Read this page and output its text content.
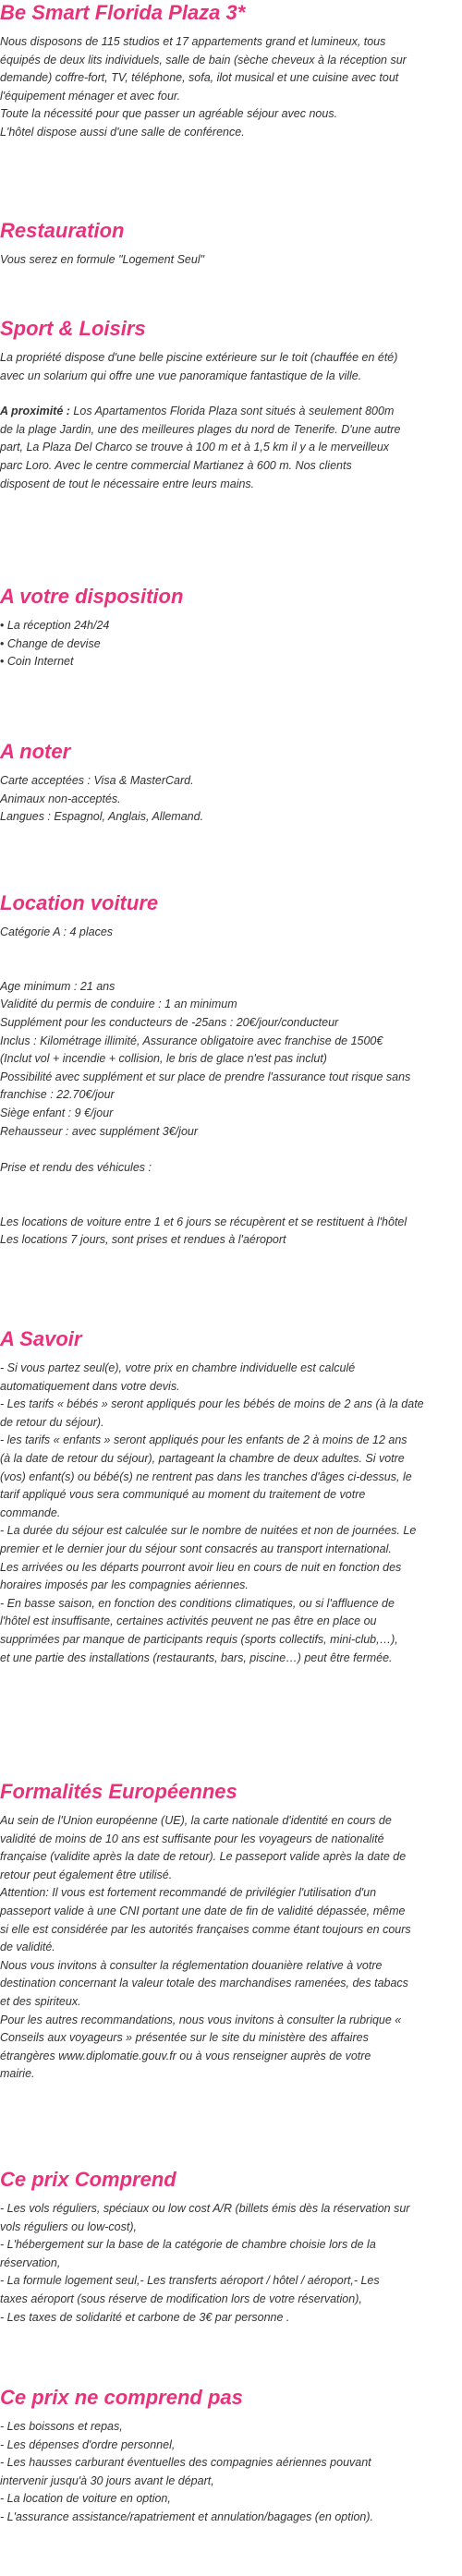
Be Smart Florida Plaza 3*
Nous disposons de 115 studios et 17 appartements grand et lumineux, tous
équipés de deux lits individuels, salle de bain (sèche cheveux à la réception sur
demande) coffre-fort, TV, téléphone, sofa, ilot musical et une cuisine avec tout
l'équipement ménager et avec four.
Toute la nécessité pour que passer un agréable séjour avec nous.
L'hôtel dispose aussi d'une salle de conférence.
Restauration
Vous serez en formule "Logement Seul"
Sport & Loisirs
La propriété dispose d'une belle piscine extérieure sur le toit (chauffée en été)
avec un solarium qui offre une vue panoramique fantastique de la ville.
A proximité : Los Apartamentos Florida Plaza sont situés à seulement 800m
de la plage Jardin, une des meilleures plages du nord de Tenerife. D'une autre
part, La Plaza Del Charco se trouve à 100 m et à 1,5 km il y a le merveilleux
parc Loro. Avec le centre commercial Martianez à 600 m. Nos clients
disposent de tout le nécessaire entre leurs mains.
A votre disposition
• La réception 24h/24
• Change de devise
• Coin Internet
A noter
Carte acceptées : Visa & MasterCard.
Animaux non-acceptés.
Langues : Espagnol, Anglais, Allemand.
Location voiture
Catégorie A : 4 places
Age minimum : 21 ans
Validité du permis de conduire : 1 an minimum
Supplément pour les conducteurs de -25ans : 20€/jour/conducteur
Inclus : Kilométrage illimité, Assurance obligatoire avec franchise de 1500€
(Inclut vol + incendie + collision, le bris de glace n'est pas inclut)
Possibilité avec supplément et sur place de prendre l'assurance tout risque sans
franchise : 22.70€/jour
Siège enfant : 9 €/jour
Rehausseur : avec supplément 3€/jour
Prise et rendu des véhicules :
Les locations de voiture entre 1 et 6 jours se récupèrent et se restituent à l'hôtel
Les locations 7 jours, sont prises et rendues à l'aéroport
A Savoir
- Si vous partez seul(e), votre prix en chambre individuelle est calculé
automatiquement dans votre devis.
- Les tarifs « bébés » seront appliqués pour les bébés de moins de 2 ans (à la date
de retour du séjour).
- les tarifs « enfants » seront appliqués pour les enfants de 2 à moins de 12 ans
(à la date de retour du séjour), partageant la chambre de deux adultes. Si votre
(vos) enfant(s) ou bébé(s) ne rentrent pas dans les tranches d'âges ci-dessus, le
tarif appliqué vous sera communiqué au moment du traitement de votre
commande.
- La durée du séjour est calculée sur le nombre de nuitées et non de journées. Le
premier et le dernier jour du séjour sont consacrés au transport international.
Les arrivées ou les départs pourront avoir lieu en cours de nuit en fonction des
horaires imposés par les compagnies aériennes.
- En basse saison, en fonction des conditions climatiques, ou si l'affluence de
l'hôtel est insuffisante, certaines activités peuvent ne pas être en place ou
supprimées par manque de participants requis (sports collectifs, mini-club,…),
et une partie des installations (restaurants, bars, piscine…) peut être fermée.
Formalités Européennes
Au sein de l'Union européenne (UE), la carte nationale d'identité en cours de
validité de moins de 10 ans est suffisante pour les voyageurs de nationalité
française (validite après la date de retour). Le passeport valide après la date de
retour peut également être utilisé.
Attention: Il vous est fortement recommandé de privilégier l'utilisation d'un
passeport valide à une CNI portant une date de fin de validité dépassée, même
si elle est considérée par les autorités françaises comme étant toujours en cours
de validité.
Nous vous invitons à consulter la réglementation douanière relative à votre
destination concernant la valeur totale des marchandises ramenées, des tabacs
et des spiriteux.
Pour les autres recommandations, nous vous invitons à consulter la rubrique «
Conseils aux voyageurs » présentée sur le site du ministère des affaires
étrangères www.diplomatie.gouv.fr ou à vous renseigner auprès de votre
mairie.
Ce prix Comprend
- Les vols réguliers, spéciaux ou low cost A/R (billets émis dès la réservation sur
vols réguliers ou low-cost),
- L'hébergement sur la base de la catégorie de chambre choisie lors de la
réservation,
- La formule logement seul,- Les transferts aéroport / hôtel / aéroport,- Les
taxes aéroport (sous réserve de modification lors de votre réservation),
- Les taxes de solidarité et carbone de 3€ par personne .
Ce prix ne comprend pas
- Les boissons et repas,
- Les dépenses d'ordre personnel,
- Les hausses carburant éventuelles des compagnies aériennes pouvant
intervenir jusqu'à 30 jours avant le départ,
- La location de voiture en option,
- L'assurance assistance/rapatriement et annulation/bagages (en option).
